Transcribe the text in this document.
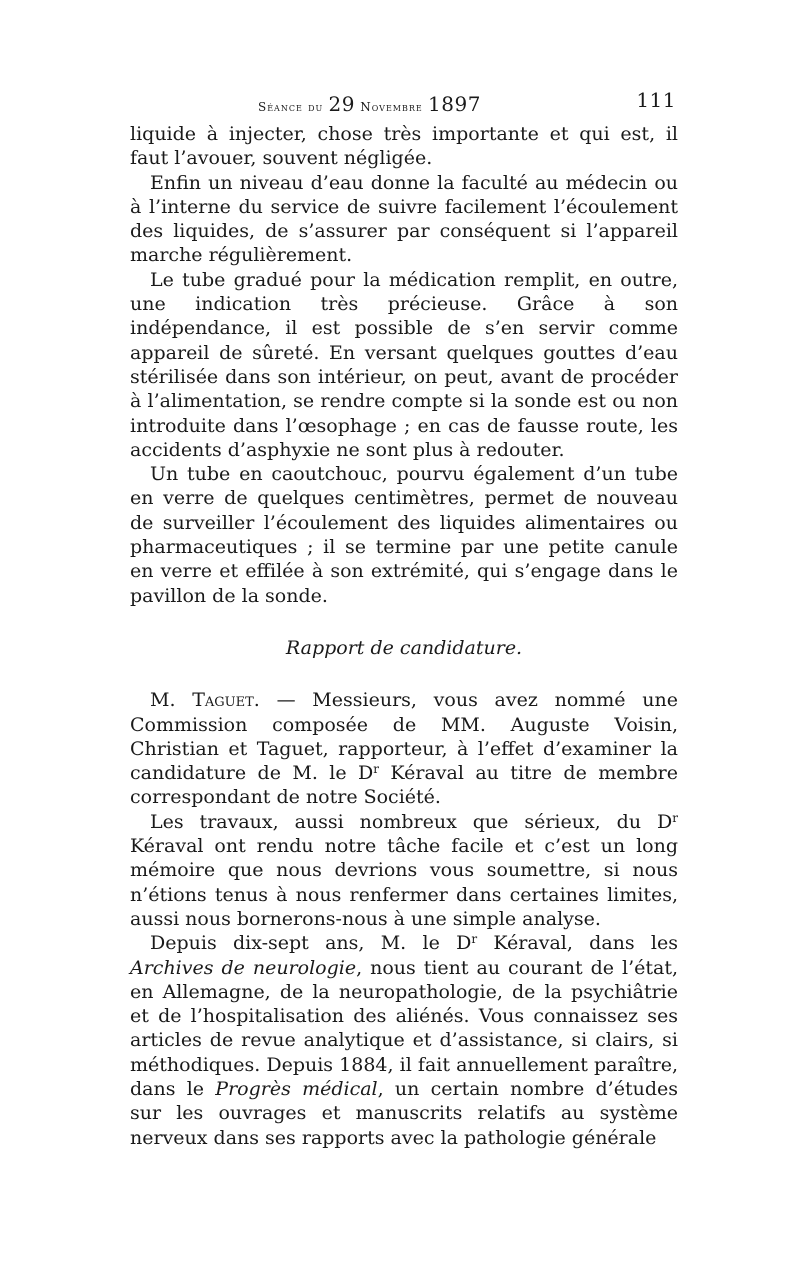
Séance du 29 Novembre 1897	111

liquide à injecter, chose très importante et qui est, il faut l’avouer, souvent négligée.

Enfin un niveau d’eau donne la faculté au médecin ou à l’interne du service de suivre facilement l’écoulement des liquides, de s’assurer par conséquent si l’appareil marche régulièrement.

Le tube gradué pour la médication remplit, en outre, une indication très précieuse. Grâce à son indépendance, il est possible de s’en servir comme appareil de sûreté. En versant quelques gouttes d’eau stérilisée dans son intérieur, on peut, avant de procéder à l’alimentation, se rendre compte si la sonde est ou non introduite dans l’œsophage ; en cas de fausse route, les accidents d’asphyxie ne sont plus à redouter.

Un tube en caoutchouc, pourvu également d’un tube en verre de quelques centimètres, permet de nouveau de surveiller l’écoulement des liquides alimentaires ou pharmaceutiques ; il se termine par une petite canule en verre et effilée à son extrémité, qui s’engage dans le pavillon de la sonde.

Rapport de candidature.

M. Taguet. — Messieurs, vous avez nommé une Commission composée de MM. Auguste Voisin, Christian et Taguet, rapporteur, à l’effet d’examiner la candidature de M. le $D^r$ Kéraval au titre de membre correspondant de notre Société.

Les travaux, aussi nombreux que sérieux, du $D^r$ Kéraval ont rendu notre tâche facile et c’est un long mémoire que nous devrions vous soumettre, si nous n’étions tenus à nous renfermer dans certaines limites, aussi nous bornerons-nous à une simple analyse.

Depuis dix-sept ans, M. le $D^r$ Kéraval, dans les Archives de neurologie, nous tient au courant de l’état, en Allemagne, de la neuropathologie, de la psychiâtrie et de l’hospitalisation des aliénés. Vous connaissez ses articles de revue analytique et d’assistance, si clairs, si méthodiques. Depuis 1884, il fait annuellement paraître, dans le Progrès médical, un certain nombre d’études sur les ouvrages et manuscrits relatifs au système nerveux dans ses rapports avec la pathologie générale
